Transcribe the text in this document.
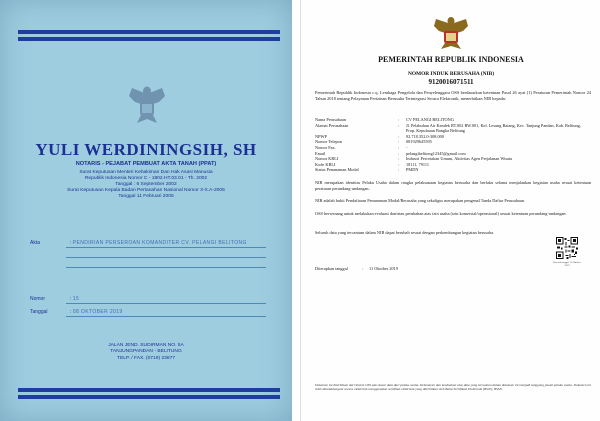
YULI WERDININGSIH, SH
NOTARIS - PEJABAT PEMBUAT AKTA TANAH (PPAT)
Surat Keputusan Menteri Kehakiman Dan Hak Asasi Manusia
Republik Indonesia Nomor C - 1802.HT.03.01 - Th. 2002
Tanggal : 6 September 2002
Surat Keputusan Kepala Badan Pertanahan Nasional Nomor 3-X.A-2005
Tanggal 11 Februari 2005
Akta	: PENDIRIAN PERSEROAN KOMANDITER CV. PELANGI BELITONG
Nomor	: 15
Tanggal	: 08 OKTOBER 2019
JALAN JEND. SUDIRMAN NO. 5A
TANJUNGPANDAN - BELITUNG
TELP. / FAX. (0719) 23877
PEMERINTAH REPUBLIK INDONESIA
NOMOR INDUK BERUSAHA (NIB)
9120016071511
Pemerintah Republik Indonesia c.q. Lembaga Pengelola dan Penyelenggara OSS berdasarkan ketentuan Pasal 26 ayat (1) Peraturan Pemerintah Nomor 24 Tahun 2018 tentang Pelayanan Perizinan Berusaha Terintegrasi Secara Elektronik, menerbitkan NIB kepada:
Nama Perusahaan	:	CV PELANGI BELITONG
Alamat Perusahaan	:	Jl. Pelabuhan Air Kendek RT.002 RW.001, Kel. Lesung Batang, Kec. Tanjung Pandan, Kab. Belitung, Prop. Kepulauan Bangka Belitung
NPWP	:	92.718.352.0-308.000
Nomor Telepon	:	081929645595
Nomor Fax.	:	-
Email	:	pelangibelitong12345@gmail.com
Nomor KBLI	:	Industri Percetakan Umum, Aktivitas Agen Perjalanan Wisata
Kode KBLI	:	18111, 79111
Status Penanaman Modal	:	PMDN
NIB merupakan identitas Pelaku Usaha dalam rangka pelaksanaan kegiatan berusaha dan berlaku selama menjalankan kegiatan usaha sesuai ketentuan peraturan perundang-undangan.
NIB adalah bukti Pendaftaran Penanaman Modal/Berusaha yang sekaligus merupakan pengenal Tanda Daftar Perusahaan.
OSS berwenang untuk melakukan evaluasi dan/atau perubahan atas izin usaha (izin komersial/operasional) sesuai ketentuan perundang-undangan.
Seluruh data yang tercantum dalam NIB dapat berubah sesuai dengan perkembangan kegiatan berusaha.
Diterapkan tanggal	: 11 Oktober 2019
Dicetak tanggal 11 Oktober 2019
Dokumen ini diterbitkan dari Sistem OSS atas dasar data dari pelaku usaha. Kebenaran dan keabsahan atas data yang tercantum dalam dokumen ini menjadi tanggung jawab pelaku usaha. Dokumen ini telah ditandatangani secara elektronik menggunakan sertifikat elektronik yang diterbitkan oleh Balai Sertifikasi Elektronik (BSrE), BSSN.
